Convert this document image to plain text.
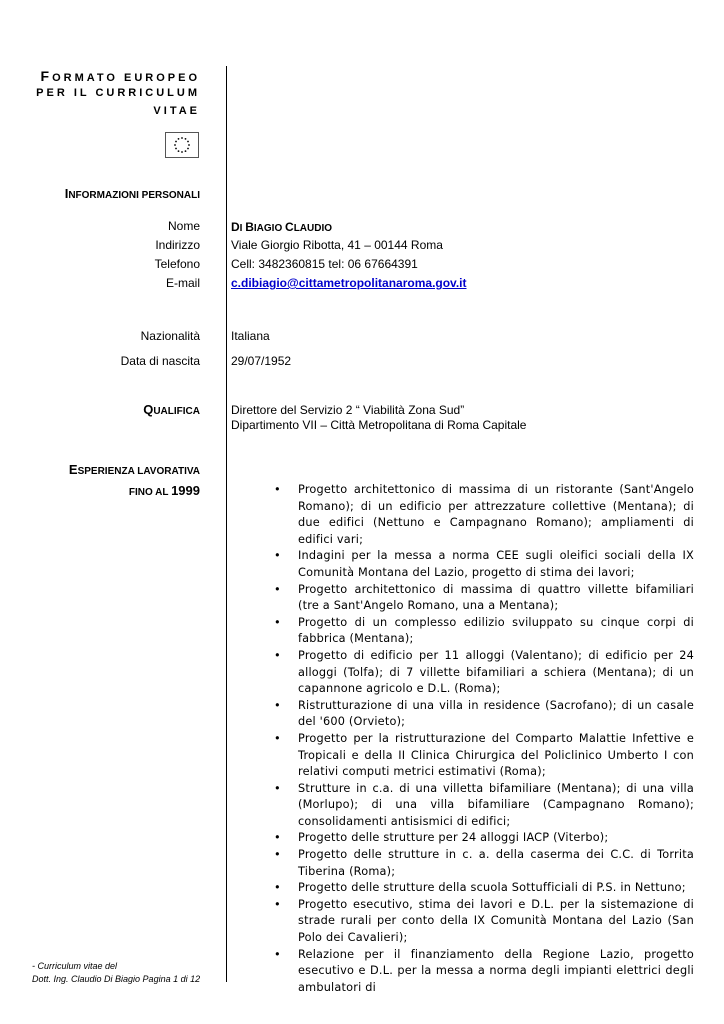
FORMATO EUROPEO
PER IL CURRICULUM
VITAE
INFORMAZIONI PERSONALI
Nome	DI BIAGIO CLAUDIO
Indirizzo	Viale Giorgio Ribotta, 41 – 00144 Roma
Telefono	Cell: 3482360815 tel: 06 67664391
E-mail	c.dibiagio@cittametropolitanaroma.gov.it
Nazionalità	Italiana
Data di nascita	29/07/1952
QUALIFICA	Direttore del Servizio 2 “ Viabilità Zona Sud”
Dipartimento VII – Città Metropolitana di Roma Capitale
ESPERIENZA LAVORATIVA
FINO AL 1999	• Progetto architettonico di massima di un ristorante (Sant'Angelo Romano); di un edificio per attrezzature collettive (Mentana); di due edifici (Nettuno e Campagnano Romano); ampliamenti di edifici vari;
• Indagini per la messa a norma CEE sugli oleifici sociali della IX Comunità Montana del Lazio, progetto di stima dei lavori;
• Progetto architettonico di massima di quattro villette bifamiliari (tre a Sant'Angelo Romano, una a Mentana);
• Progetto di un complesso edilizio sviluppato su cinque corpi di fabbrica (Mentana);
• Progetto di edificio per 11 alloggi (Valentano); di edificio per 24 alloggi (Tolfa); di 7 villette bifamiliari a schiera (Mentana); di un capannone agricolo e D.L. (Roma);
• Ristrutturazione di una villa in residence (Sacrofano); di un casale del '600 (Orvieto);
• Progetto per la ristrutturazione del Comparto Malattie Infettive e Tropicali e della II Clinica Chirurgica del Policlinico Umberto I con relativi computi metrici estimativi (Roma);
• Strutture in c.a. di una villetta bifamiliare (Mentana); di una villa (Morlupo); di una villa bifamiliare (Campagnano Romano); consolidamenti antisismici di edifici;
• Progetto delle strutture per 24 alloggi IACP (Viterbo);
• Progetto delle strutture in c. a. della caserma dei C.C. di Torrita Tiberina (Roma);
• Progetto delle strutture della scuola Sottufficiali di P.S. in Nettuno;
• Progetto esecutivo, stima dei lavori e D.L. per la sistemazione di strade rurali per conto della IX Comunità Montana del Lazio (San Polo dei Cavalieri);
• Relazione per il finanziamento della Regione Lazio, progetto esecutivo e D.L. per la messa a norma degli impianti elettrici degli ambulatori di
- Curriculum vitae del
Dott. Ing. Claudio Di Biagio Pagina 1 di 12
